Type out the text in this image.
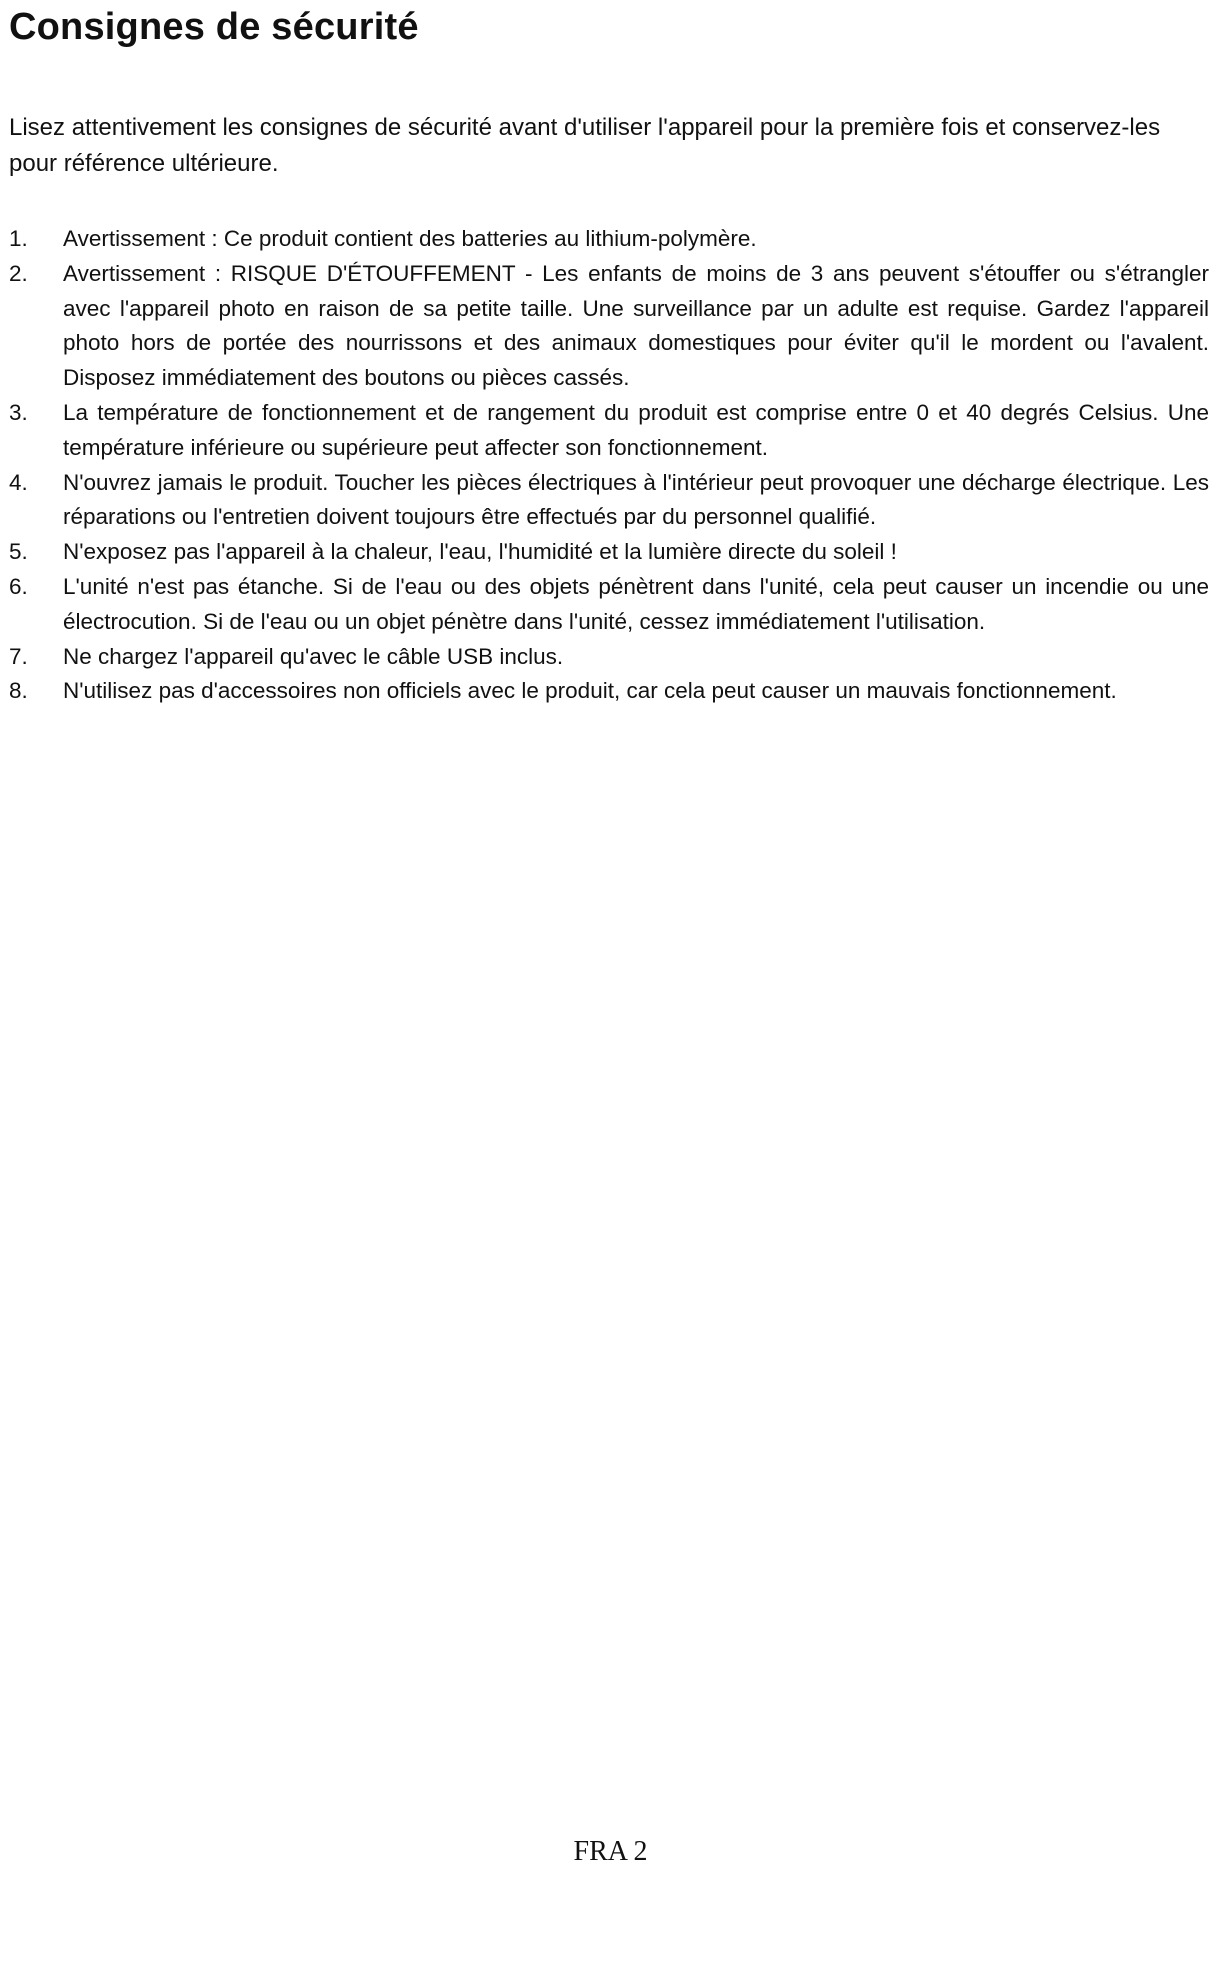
Consignes de sécurité

Lisez attentivement les consignes de sécurité avant d'utiliser l'appareil pour la première fois et conservez-les pour référence ultérieure.

1.	Avertissement : Ce produit contient des batteries au lithium-polymère.
2.	Avertissement : RISQUE D'ÉTOUFFEMENT - Les enfants de moins de 3 ans peuvent s'étouffer ou s'étrangler avec l'appareil photo en raison de sa petite taille. Une surveillance par un adulte est requise. Gardez l'appareil photo hors de portée des nourrissons et des animaux domestiques pour éviter qu'il le mordent ou l'avalent. Disposez immédiatement des boutons ou pièces cassés.
3.	La température de fonctionnement et de rangement du produit est comprise entre 0 et 40 degrés Celsius. Une température inférieure ou supérieure peut affecter son fonctionnement.
4.	N'ouvrez jamais le produit. Toucher les pièces électriques à l'intérieur peut provoquer une décharge électrique. Les réparations ou l'entretien doivent toujours être effectués par du personnel qualifié.
5.	N'exposez pas l'appareil à la chaleur, l'eau, l'humidité et la lumière directe du soleil !
6.	L'unité n'est pas étanche. Si de l'eau ou des objets pénètrent dans l'unité, cela peut causer un incendie ou une électrocution. Si de l'eau ou un objet pénètre dans l'unité, cessez immédiatement l'utilisation.
7.	Ne chargez l'appareil qu'avec le câble USB inclus.
8.	N'utilisez pas d'accessoires non officiels avec le produit, car cela peut causer un mauvais fonctionnement.
FRA 2
